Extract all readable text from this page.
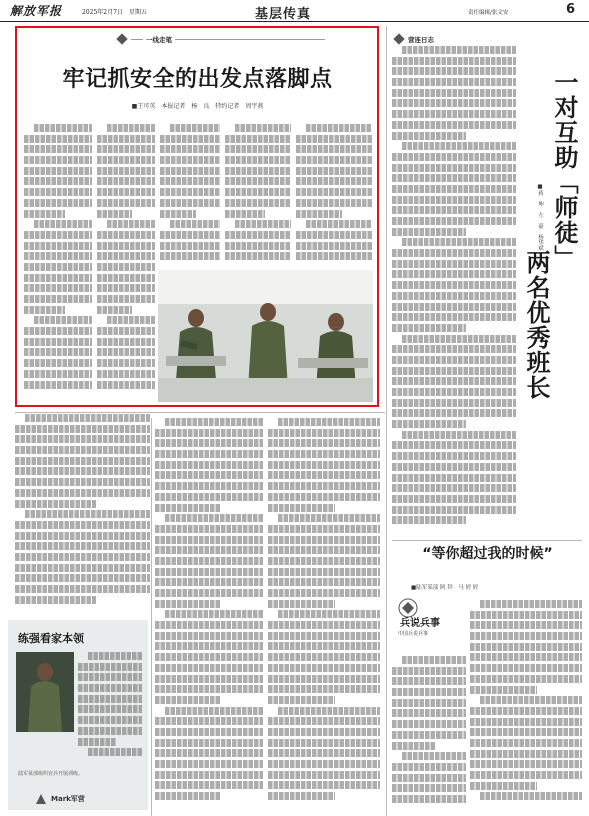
解放军报	2025年2月7日　星期五	基层传真	责任编辑/张文安	6
一线走笔
牢记抓安全的出发点落脚点
■王可英　本报记者　杨　良　特约记者　周宇燕
营连日志
一对互助「师徒」
两名优秀班长
■蒋　坤　左　豪　杨华斌
“等你超过我的时候”
■陆军某部 阿 拜　马 婷 婷
兵说兵事
中国兵说兵事
练强看家本领
陆军某部组织官兵开展训练。
Mark军营
